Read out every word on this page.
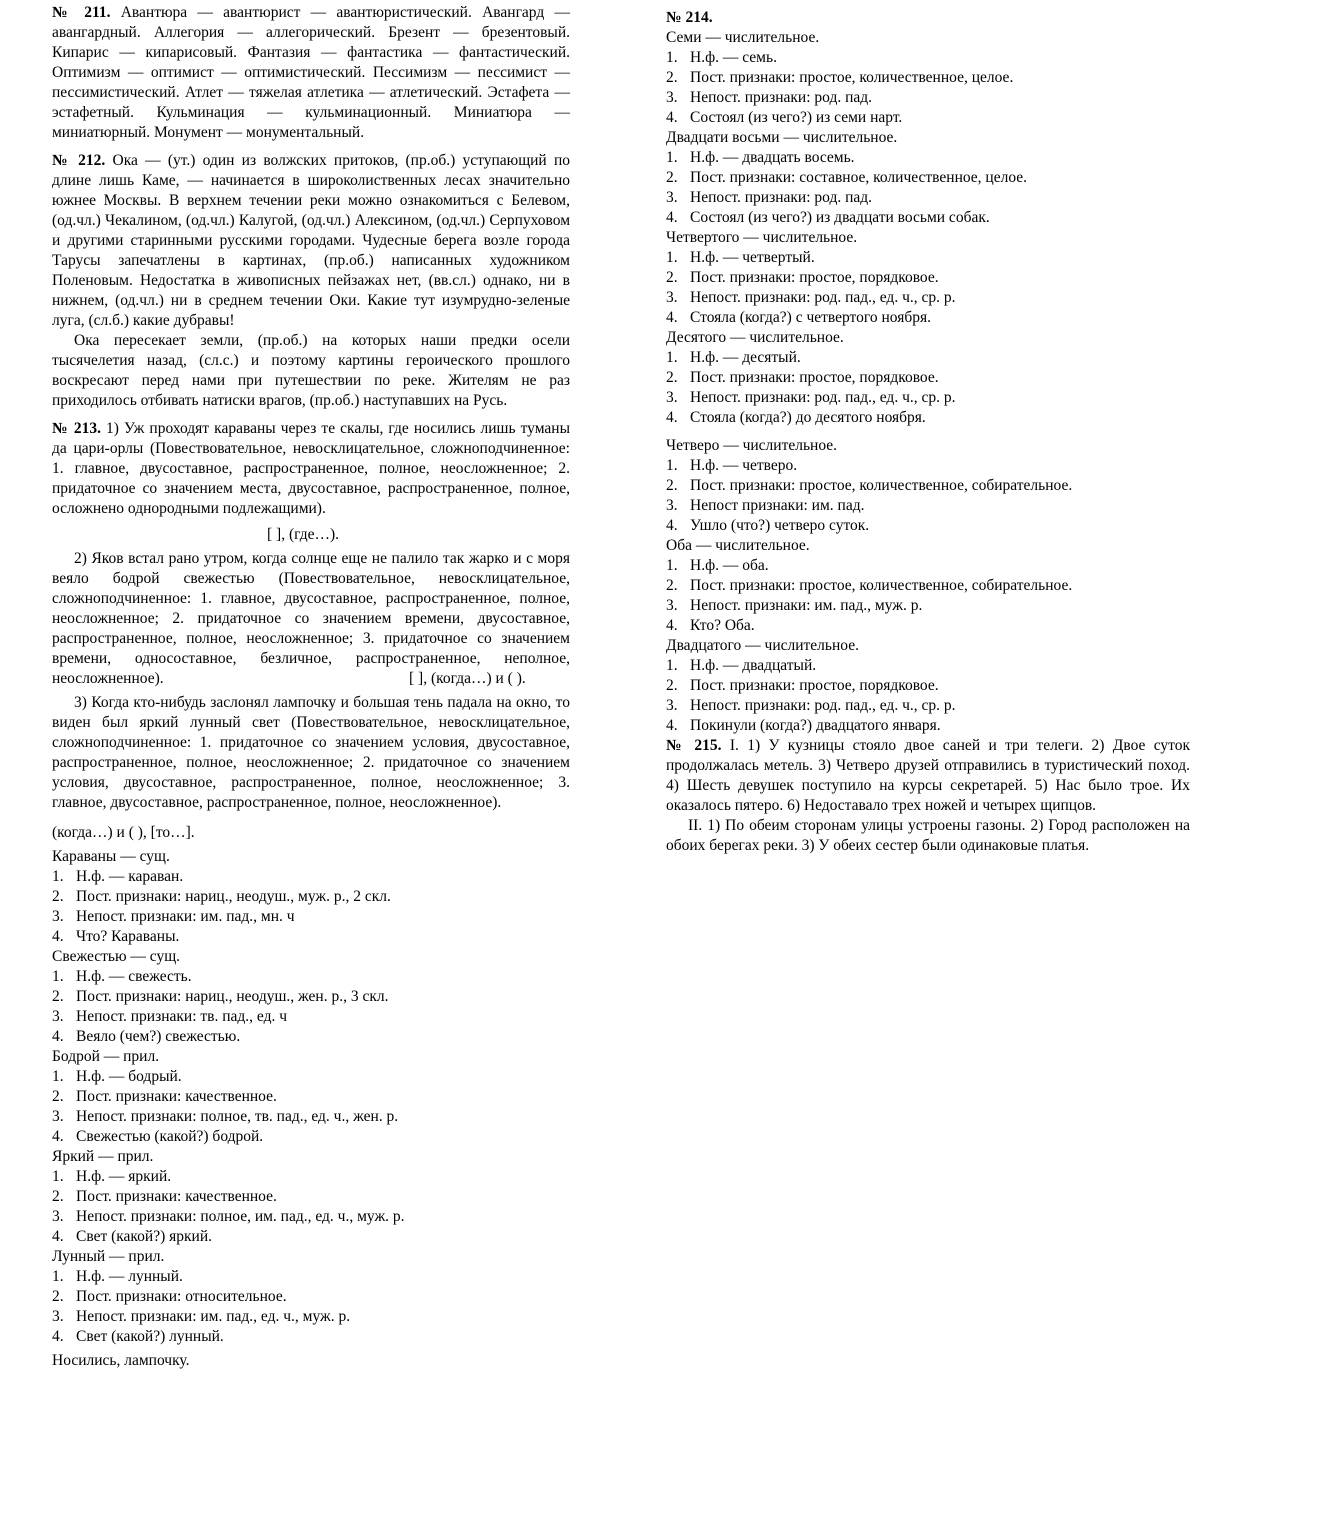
№ 211. Авантюра — авантюрист — авантюристический. Авангард — авангардный. Аллегория — аллегорический. Брезент — брезентовый. Кипарис — кипарисовый. Фантазия — фантастика — фантастический. Оптимизм — оптимист — оптимистический. Пессимизм — пессимист — пессимистический. Атлет — тяжелая атлетика — атлетический. Эстафета — эстафетный. Кульминация — кульминационный. Миниатюра — миниатюрный. Монумент — монументальный.

№ 212. Ока — (ут.) один из волжских притоков, (пр.об.) уступающий по длине лишь Каме, — начинается в широколиственных лесах значительно южнее Москвы. В верхнем течении реки можно ознакомиться с Белевом, (од.чл.) Чекалином, (од.чл.) Калугой, (од.чл.) Алексином, (од.чл.) Серпуховом и другими старинными русскими городами. Чудесные берега возле города Тарусы запечатлены в картинах, (пр.об.) написанных художником Поленовым. Недостатка в живописных пейзажах нет, (вв.сл.) однако, ни в нижнем, (од.чл.) ни в среднем течении Оки. Какие тут изумрудно-зеленые луга, (сл.б.) какие дубравы!

Ока пересекает земли, (пр.об.) на которых наши предки осели тысячелетия назад, (сл.с.) и поэтому картины героического прошлого воскресают перед нами при путешествии по реке. Жителям не раз приходилось отбивать натиски врагов, (пр.об.) наступавших на Русь.

№ 213. 1) Уж проходят караваны через те скалы, где носились лишь туманы да цари-орлы (Повествовательное, невосклицательное, сложноподчиненное: 1. главное, двусоставное, распространенное, полное, неосложненное; 2. придаточное со значением места, двусоставное, распространенное, полное, осложнено однородными подлежащими).

[ ], (где…).

2) Яков встал рано утром, когда солнце еще не палило так жарко и с моря веяло бодрой свежестью (Повествовательное, невосклицательное, сложноподчиненное: 1. главное, двусоставное, распространенное, полное, неосложненное; 2. придаточное со значением времени, двусоставное, распространенное, полное, неосложненное; 3. придаточное со значением времени, односоставное, безличное, распространенное, неполное, неосложненное).	[ ], (когда…) и ( ).

3) Когда кто-нибудь заслонял лампочку и большая тень падала на окно, то виден был яркий лунный свет (Повествовательное, невосклицательное, сложноподчиненное: 1. придаточное со значением условия, двусоставное, распространенное, полное, неосложненное; 2. придаточное со значением условия, двусоставное, распространенное, полное, неосложненное; 3. главное, двусоставное, распространенное, полное, неосложненное).

(когда…) и ( ), [то…].
Караваны — сущ.
1. Н.ф. — караван.
2. Пост. признаки: нариц., неодуш., муж. р., 2 скл.
3. Непост. признаки: им. пад., мн. ч
4. Что? Караваны.
Свежестью — сущ.
1. Н.ф. — свежесть.
2. Пост. признаки: нариц., неодуш., жен. р., 3 скл.
3. Непост. признаки: тв. пад., ед. ч
4. Веяло (чем?) свежестью.
Бодрой — прил.
1. Н.ф. — бодрый.
2. Пост. признаки: качественное.
3. Непост. признаки: полное, тв. пад., ед. ч., жен. р.
4. Свежестью (какой?) бодрой.
Яркий — прил.
1. Н.ф. — яркий.
2. Пост. признаки: качественное.
3. Непост. признаки: полное, им. пад., ед. ч., муж. р.
4. Свет (какой?) яркий.
Лунный — прил.
1. Н.ф. — лунный.
2. Пост. признаки: относительное.
3. Непост. признаки: им. пад., ед. ч., муж. р.
4. Свет (какой?) лунный.
Носились, лампочку.
№ 214.
Семи — числительное.
1. Н.ф. — семь.
2. Пост. признаки: простое, количественное, целое.
3. Непост. признаки: род. пад.
4. Состоял (из чего?) из семи нарт.
Двадцати восьми — числительное.
1. Н.ф. — двадцать восемь.
2. Пост. признаки: составное, количественное, целое.
3. Непост. признаки: род. пад.
4. Состоял (из чего?) из двадцати восьми собак.
Четвертого — числительное.
1. Н.ф. — четвертый.
2. Пост. признаки: простое, порядковое.
3. Непост. признаки: род. пад., ед. ч., ср. р.
4. Стояла (когда?) с четвертого ноября.
Десятого — числительное.
1. Н.ф. — десятый.
2. Пост. признаки: простое, порядковое.
3. Непост. признаки: род. пад., ед. ч., ср. р.
4. Стояла (когда?) до десятого ноября.
Четверо — числительное.
1. Н.ф. — четверо.
2. Пост. признаки: простое, количественное, собирательное.
3. Непост признаки: им. пад.
4. Ушло (что?) четверо суток.
Оба — числительное.
1. Н.ф. — оба.
2. Пост. признаки: простое, количественное, собирательное.
3. Непост. признаки: им. пад., муж. р.
4. Кто? Оба.
Двадцатого — числительное.
1. Н.ф. — двадцатый.
2. Пост. признаки: простое, порядковое.
3. Непост. признаки: род. пад., ед. ч., ср. р.
4. Покинули (когда?) двадцатого января.

№ 215. I. 1) У кузницы стояло двое саней и три телеги. 2) Двое суток продолжалась метель. 3) Четверо друзей отправились в туристический поход. 4) Шесть девушек поступило на курсы секретарей. 5) Нас было трое. Их оказалось пятеро. 6) Недоставало трех ножей и четырех щипцов.

II. 1) По обеим сторонам улицы устроены газоны. 2) Город расположен на обоих берегах реки. 3) У обеих сестер были одинаковые платья.
